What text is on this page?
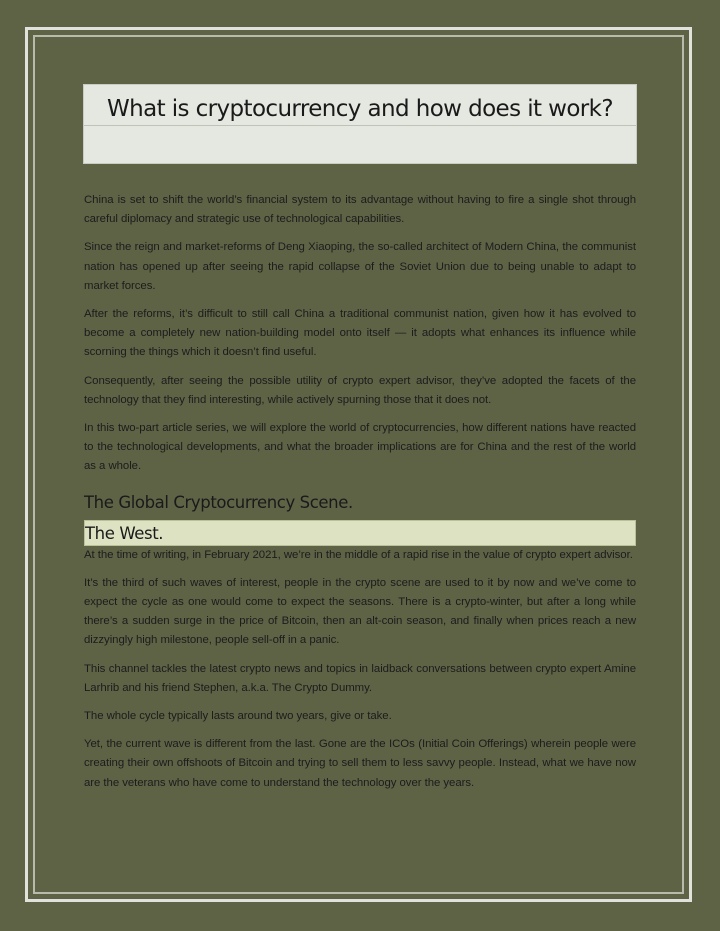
What is cryptocurrency and how does it work?

China is set to shift the world’s financial system to its advantage without having to fire a single shot through careful diplomacy and strategic use of technological capabilities.

Since the reign and market-reforms of Deng Xiaoping, the so-called architect of Modern China, the communist nation has opened up after seeing the rapid collapse of the Soviet Union due to being unable to adapt to market forces.

After the reforms, it’s difficult to still call China a traditional communist nation, given how it has evolved to become a completely new nation-building model onto itself — it adopts what enhances its influence while scorning the things which it doesn’t find useful.

Consequently, after seeing the possible utility of crypto expert advisor, they’ve adopted the facets of the technology that they find interesting, while actively spurning those that it does not.

In this two-part article series, we will explore the world of cryptocurrencies, how different nations have reacted to the technological developments, and what the broader implications are for China and the rest of the world as a whole.

The Global Cryptocurrency Scene.
The West.

At the time of writing, in February 2021, we’re in the middle of a rapid rise in the value of crypto expert advisor.

It’s the third of such waves of interest, people in the crypto scene are used to it by now and we’ve come to expect the cycle as one would come to expect the seasons. There is a crypto-winter, but after a long while there’s a sudden surge in the price of Bitcoin, then an alt-coin season, and finally when prices reach a new dizzyingly high milestone, people sell-off in a panic.

This channel tackles the latest crypto news and topics in laidback conversations between crypto expert Amine Larhrib and his friend Stephen, a.k.a. The Crypto Dummy.

The whole cycle typically lasts around two years, give or take.

Yet, the current wave is different from the last. Gone are the ICOs (Initial Coin Offerings) wherein people were creating their own offshoots of Bitcoin and trying to sell them to less savvy people. Instead, what we have now are the veterans who have come to understand the technology over the years.
